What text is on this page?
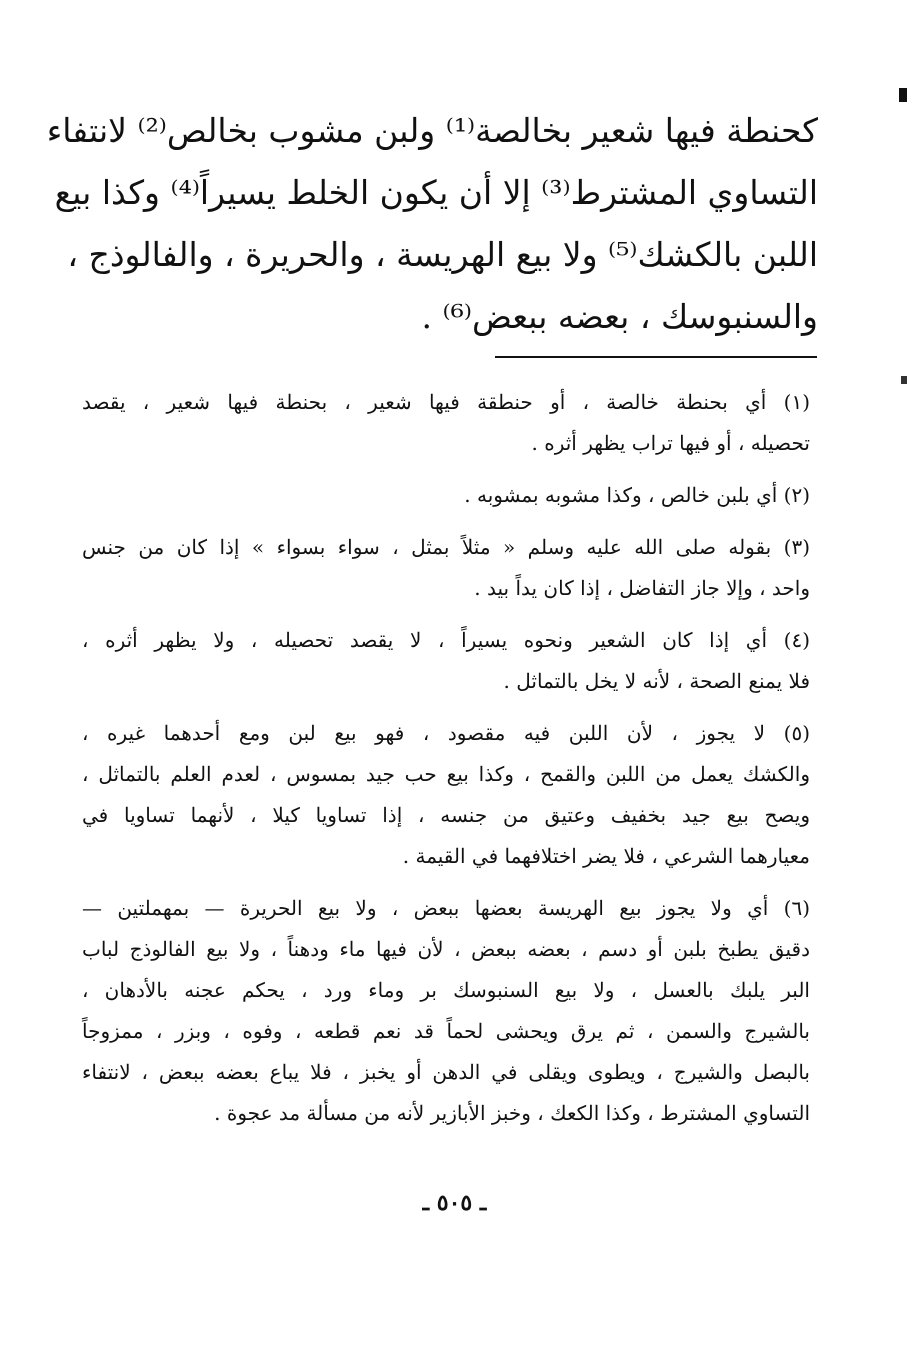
كحنطة فيها شعير بخالصة⁽¹⁾ ولبن مشوب بخالص⁽²⁾ لانتفاء
التساوي المشترط⁽³⁾ إلا أن يكون الخلط يسيراً⁽⁴⁾ وكذا بيع
اللبن بالكشك⁽⁵⁾ ولا بيع الهريسة ، والحريرة ، والفالوذج ،
والسنبوسك ، بعضه ببعض⁽⁶⁾ .
(١) أي بحنطة خالصة ، أو حنطقة فيها شعير ، بحنطة فيها شعير ، يقصد
تحصيله ، أو فيها تراب يظهر أثره .
(٢) أي بلبن خالص ، وكذا مشوبه بمشوبه .
(٣) بقوله صلى الله عليه وسلم « مثلاً بمثل ، سواء بسواء » إذا كان من جنس
واحد ، وإلا جاز التفاضل ، إذا كان يداً بيد .
(٤) أي إذا كان الشعير ونحوه يسيراً ، لا يقصد تحصيله ، ولا يظهر أثره ،
فلا يمنع الصحة ، لأنه لا يخل بالتماثل .
(٥) لا يجوز ، لأن اللبن فيه مقصود ، فهو بيع لبن ومع أحدهما غيره ،
والكشك يعمل من اللبن والقمح ، وكذا بيع حب جيد بمسوس ، لعدم العلم بالتماثل ،
ويصح بيع جيد بخفيف وعتيق من جنسه ، إذا تساويا كيلا ، لأنهما تساويا في
معيارهما الشرعي ، فلا يضر اختلافهما في القيمة .
(٦) أي ولا يجوز بيع الهريسة بعضها ببعض ، ولا بيع الحريرة — بمهملتين —
دقيق يطبخ بلبن أو دسم ، بعضه ببعض ، لأن فيها ماء ودهناً ، ولا بيع الفالوذج لباب
البر يلبك بالعسل ، ولا بيع السنبوسك بر وماء ورد ، يحكم عجنه بالأدهان ،
بالشيرج والسمن ، ثم يرق ويحشى لحماً قد نعم قطعه ، وفوه ، وبزر ، ممزوجاً
بالبصل والشيرج ، ويطوى ويقلى في الدهن أو يخبز ، فلا يباع بعضه ببعض ، لانتفاء
التساوي المشترط ، وكذا الكعك ، وخبز الأبازير لأنه من مسألة مد عجوة .
ـ ٥٠٥ ـ
